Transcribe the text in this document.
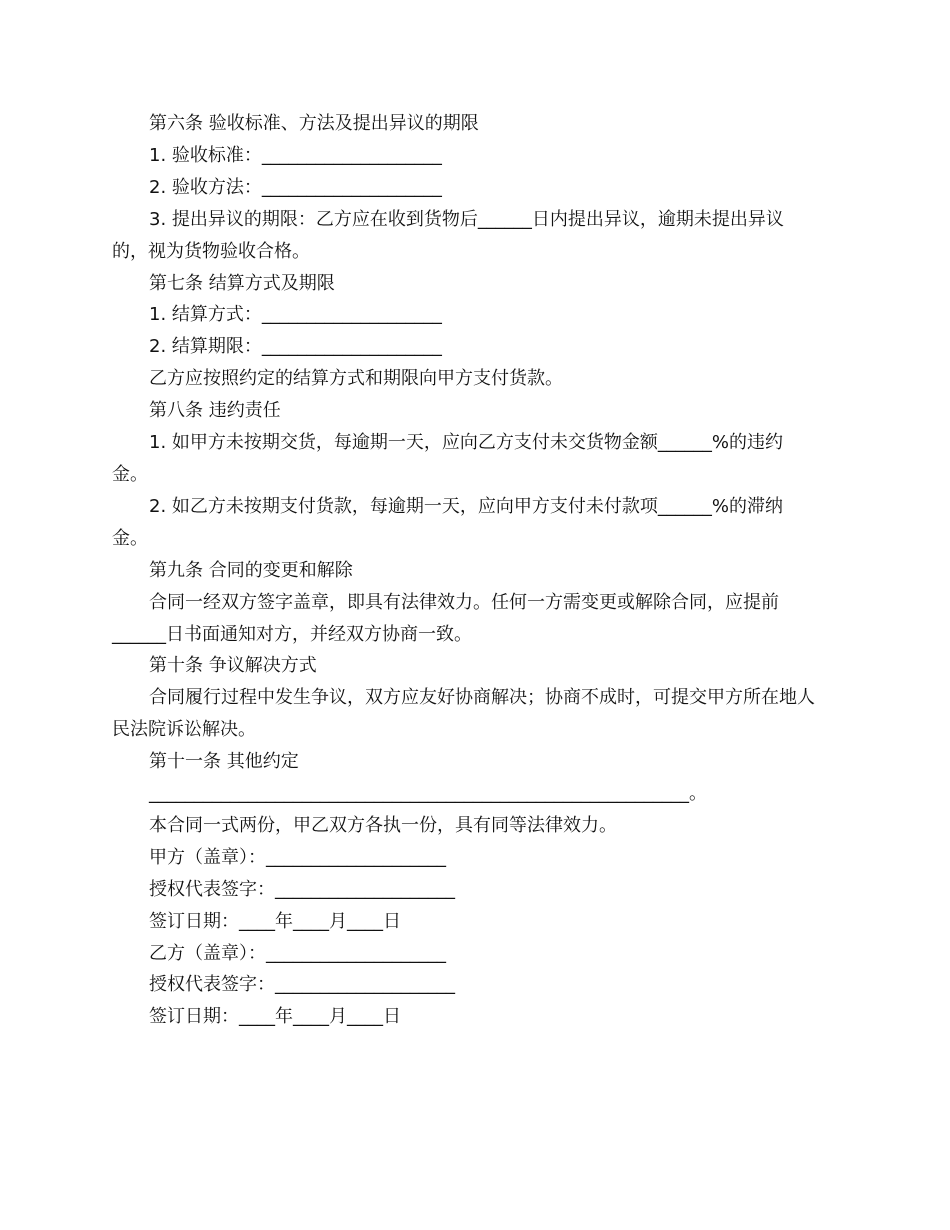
第六条 验收标准、方法及提出异议的期限

1. 验收标准：____________________

2. 验收方法：____________________

3. 提出异议的期限：乙方应在收到货物后______日内提出异议，逾期未提出异议

的，视为货物验收合格。

第七条 结算方式及期限

1. 结算方式：____________________

2. 结算期限：____________________

乙方应按照约定的结算方式和期限向甲方支付货款。

第八条 违约责任

1. 如甲方未按期交货，每逾期一天，应向乙方支付未交货物金额______%的违约

金。

2. 如乙方未按期支付货款，每逾期一天，应向甲方支付未付款项______%的滞纳

金。

第九条 合同的变更和解除

合同一经双方签字盖章，即具有法律效力。任何一方需变更或解除合同，应提前

______日书面通知对方，并经双方协商一致。

第十条 争议解决方式

合同履行过程中发生争议，双方应友好协商解决；协商不成时，可提交甲方所在地人

民法院诉讼解决。

第十一条 其他约定

____________________________________________________________。

本合同一式两份，甲乙双方各执一份，具有同等法律效力。

甲方（盖章）：____________________

授权代表签字：____________________

签订日期：____年____月____日

乙方（盖章）：____________________

授权代表签字：____________________

签订日期：____年____月____日
